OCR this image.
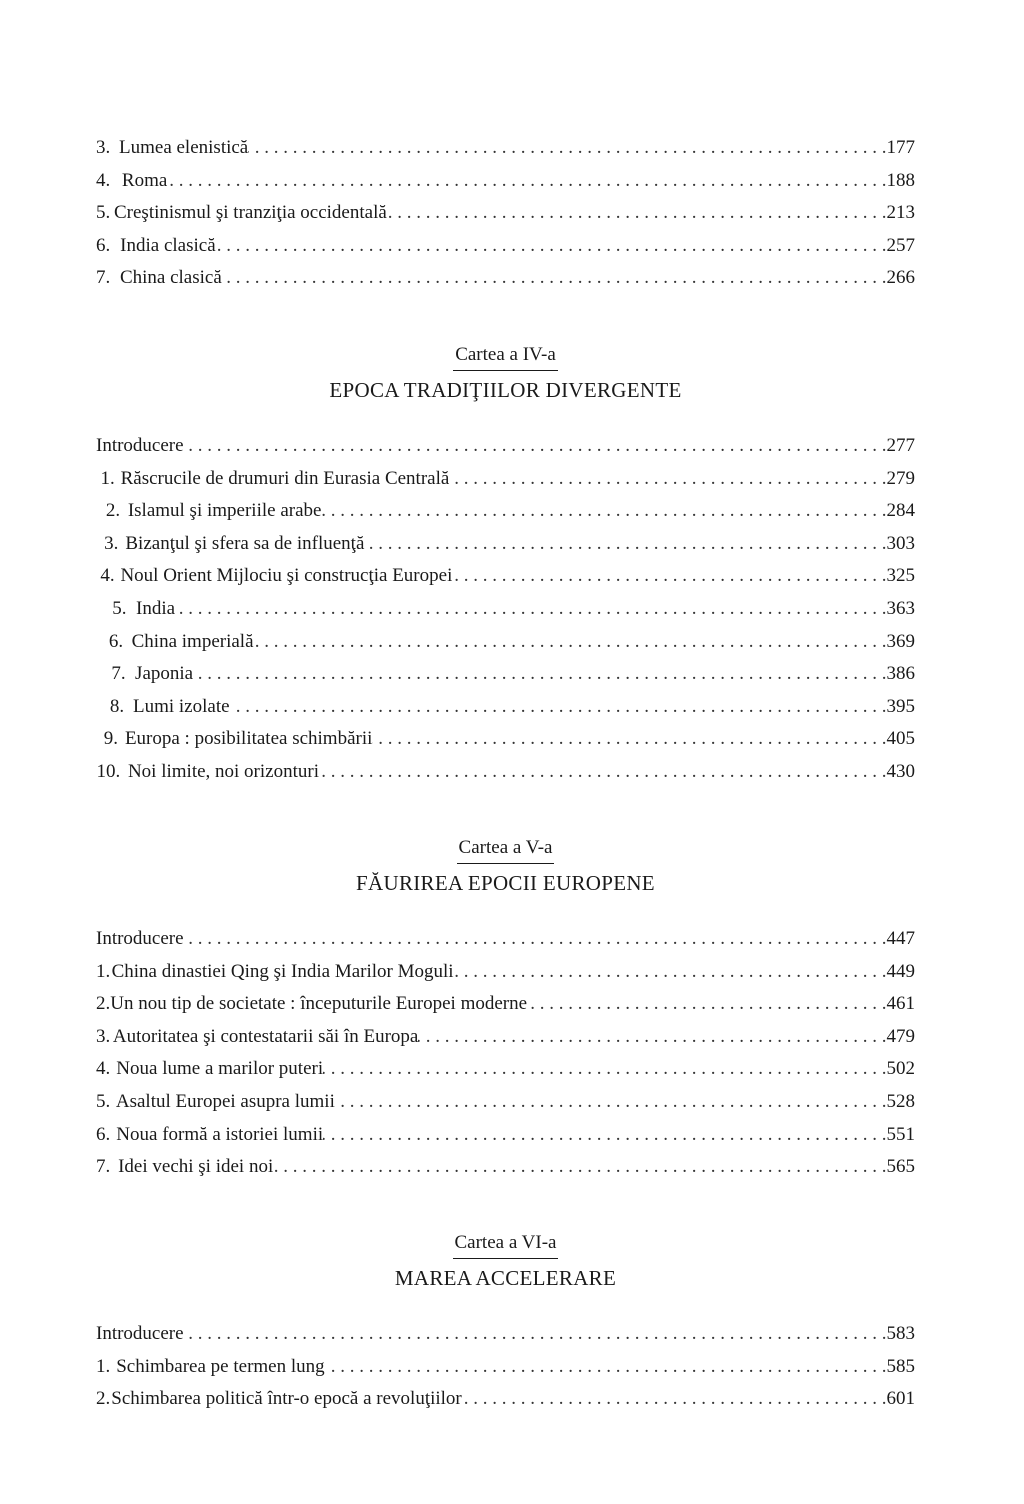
3. Lumea elenistică . . .	177
4. Roma . . .	188
5. Creştinismul şi tranziţia occidentală . . .	213
6. India clasică . . .	257
7. China clasică . . .	266
Cartea a IV-a
EPOCA TRADIŢIILOR DIVERGENTE
Introducere . . .	277
1. Răscrucile de drumuri din Eurasia Centrală . . .	279
2. Islamul şi imperiile arabe . . .	284
3. Bizanţul şi sfera sa de influenţă . . .	303
4. Noul Orient Mijlociu şi construcţia Europei . . .	325
5. India . . .	363
6. China imperială . . .	369
7. Japonia . . .	386
8. Lumi izolate . . .	395
9. Europa : posibilitatea schimbării . . .	405
10. Noi limite, noi orizonturi . . .	430
Cartea a V-a
FĂURIREA EPOCII EUROPENE
Introducere . . .	447
1. China dinastiei Qing şi India Marilor Moguli . . .	449
2. Un nou tip de societate : începuturile Europei moderne . . .	461
3. Autoritatea şi contestatarii săi în Europa . . .	479
4. Noua lume a marilor puteri . . .	502
5. Asaltul Europei asupra lumii . . .	528
6. Noua formă a istoriei lumii . . .	551
7. Idei vechi şi idei noi . . .	565
Cartea a VI-a
MAREA ACCELERARE
Introducere . . .	583
1. Schimbarea pe termen lung . . .	585
2. Schimbarea politică într-o epocă a revoluţiilor . . .	601
